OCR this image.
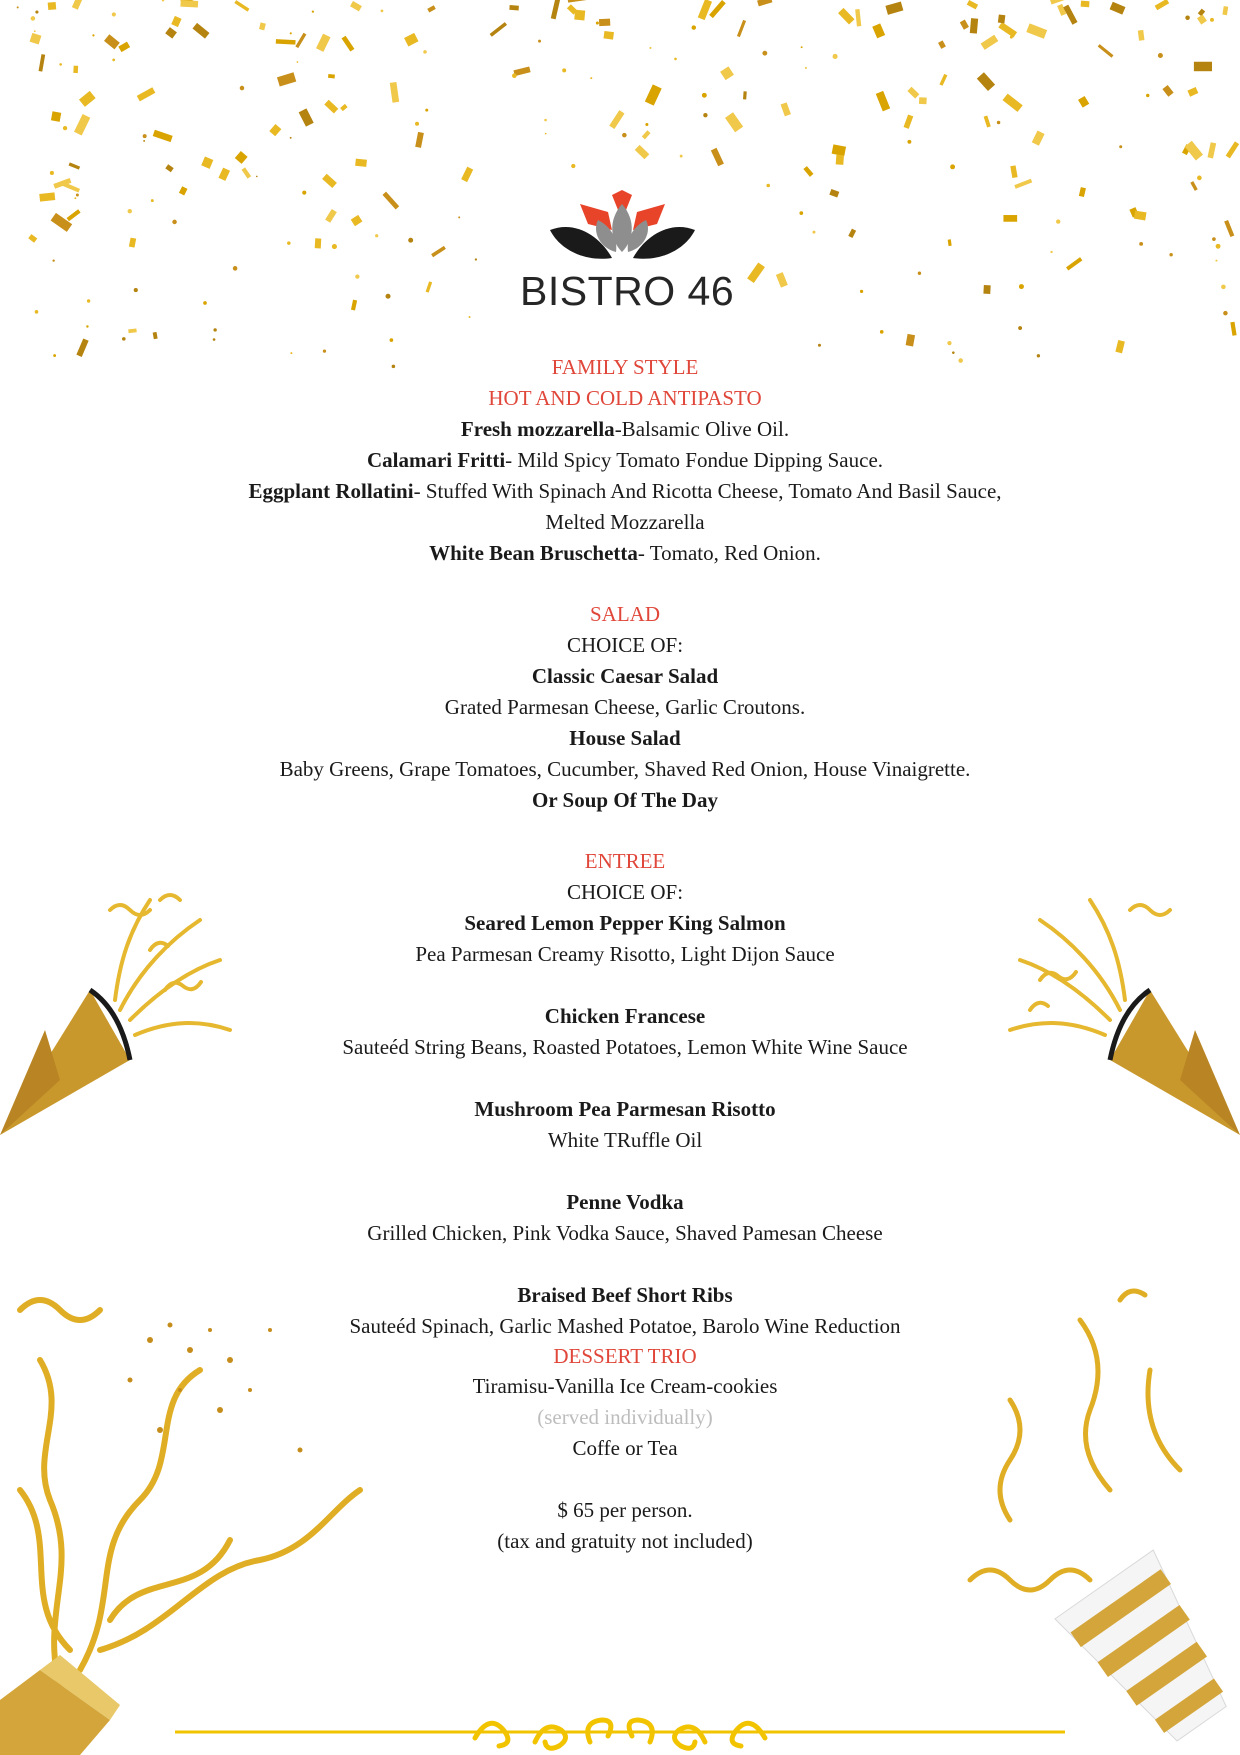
BISTRO 46
FAMILY STYLE
HOT AND COLD ANTIPASTO
Fresh mozzarella-Balsamic Olive Oil.
Calamari Fritti- Mild Spicy Tomato Fondue Dipping Sauce.
Eggplant Rollatini- Stuffed With Spinach And Ricotta Cheese, Tomato And Basil Sauce,
Melted Mozzarella
White Bean Bruschetta- Tomato, Red Onion.
SALAD
CHOICE OF:
Classic Caesar Salad
Grated Parmesan Cheese, Garlic Croutons.
House Salad
Baby Greens, Grape Tomatoes, Cucumber, Shaved Red Onion, House Vinaigrette.
Or Soup Of The Day
ENTREE
CHOICE OF:
Seared Lemon Pepper King Salmon
Pea Parmesan Creamy Risotto, Light Dijon Sauce
Chicken Francese
Sauteéd String Beans, Roasted Potatoes, Lemon White Wine Sauce
Mushroom Pea Parmesan Risotto
White TRuffle Oil
Penne Vodka
Grilled Chicken, Pink Vodka Sauce, Shaved Pamesan Cheese
Braised Beef Short Ribs
Sauteéd Spinach, Garlic Mashed Potatoe, Barolo Wine Reduction
DESSERT TRIO
Tiramisu-Vanilla Ice Cream-cookies
(served individually)
Coffe or Tea
$ 65 per person.
(tax and gratuity not included)
